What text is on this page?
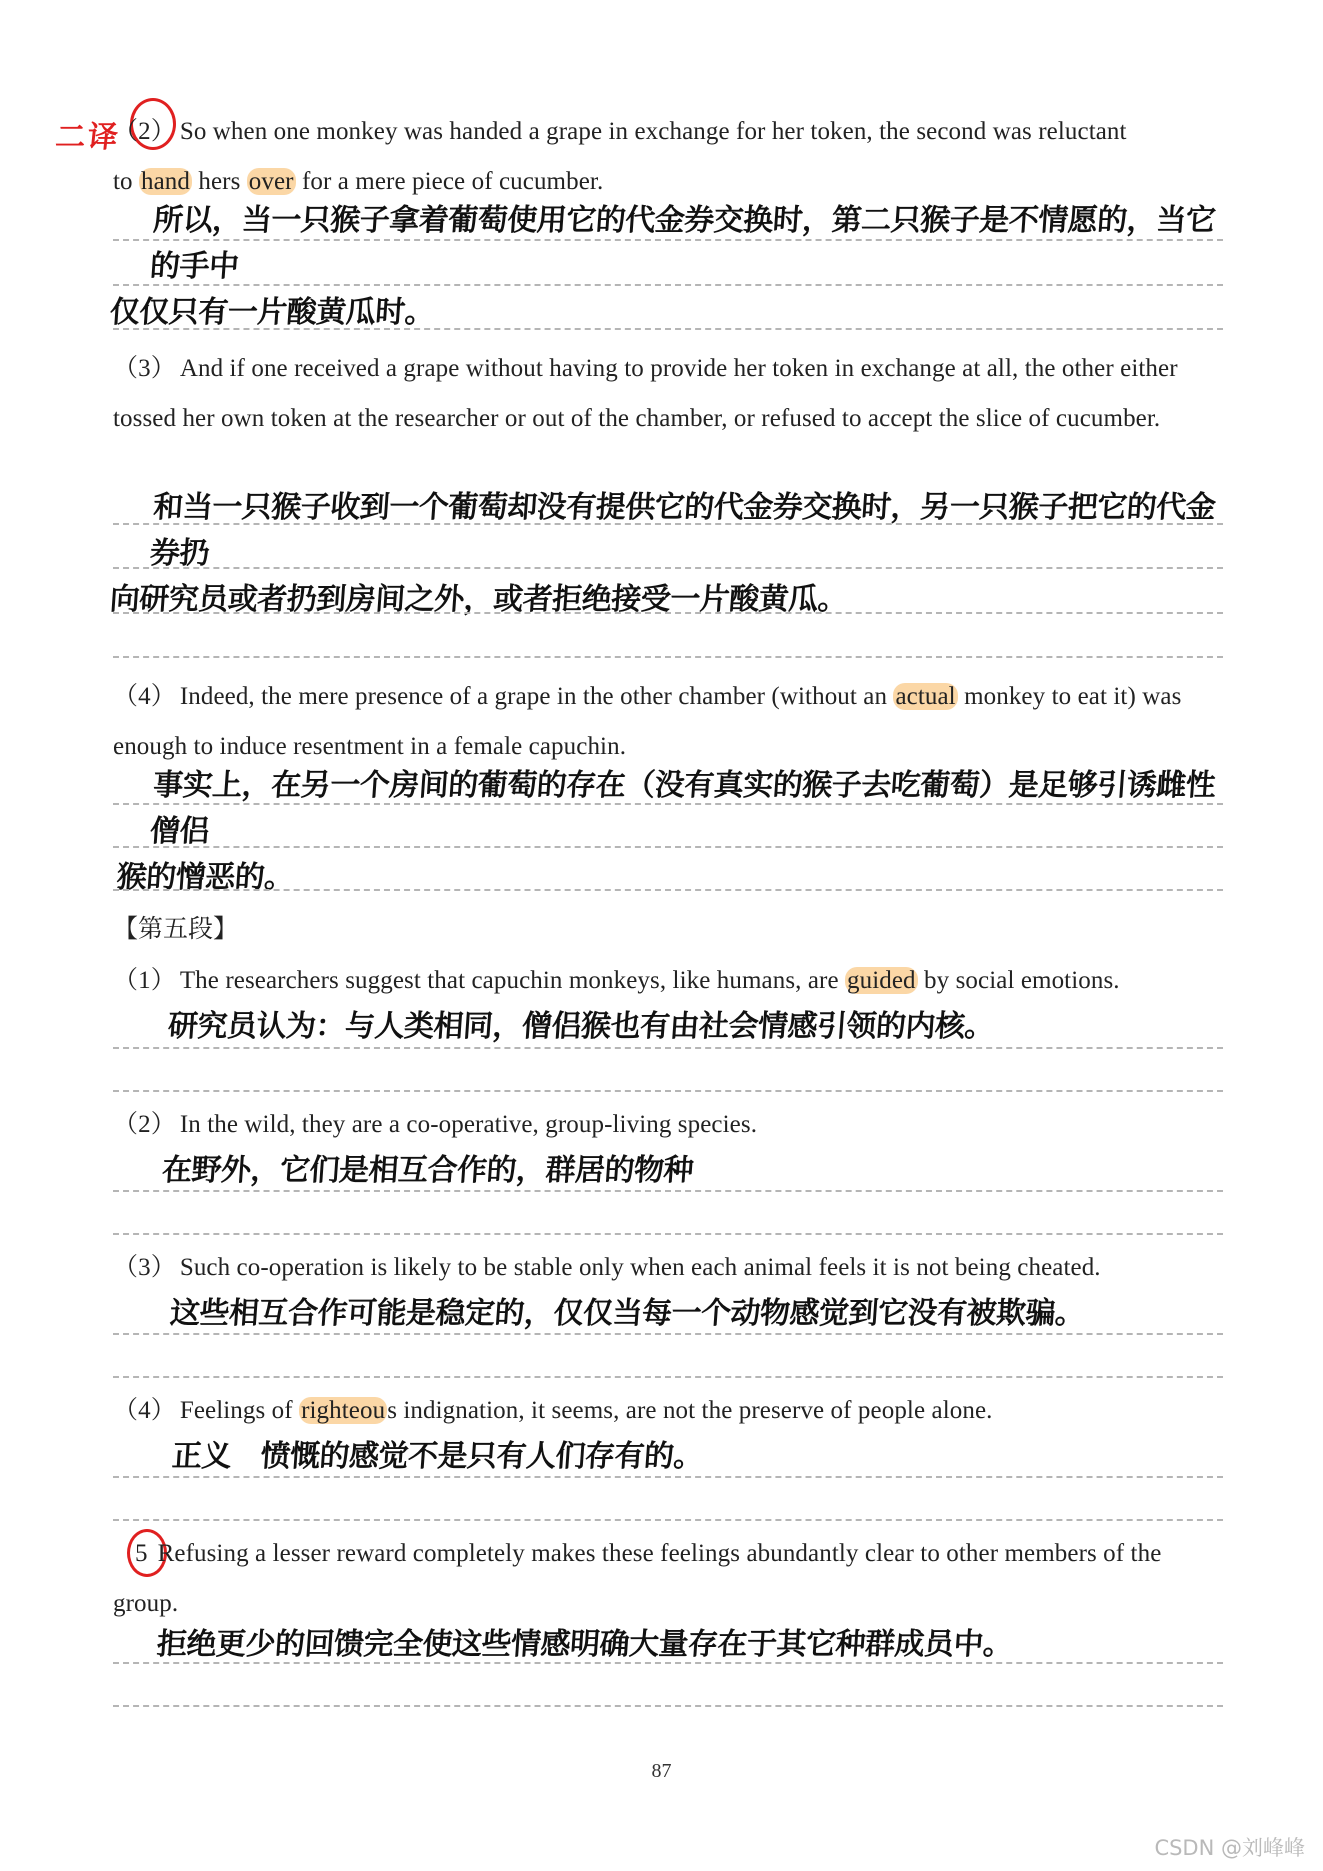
二译
（2） So when one monkey was handed a grape in exchange for her token, the second was reluctant
to hand hers over for a mere piece of cucumber.
所以，当一只猴子拿着葡萄使用它的代金券交换时，第二只猴子是不情愿的，当它的手中
仅仅只有一片酸黄瓜时。
（3） And if one received a grape without having to provide her token in exchange at all, the other either tossed her own token at the researcher or out of the chamber, or refused to accept the slice of cucumber.
和当一只猴子收到一个葡萄却没有提供它的代金券交换时，另一只猴子把它的代金券扔
向研究员或者扔到房间之外，或者拒绝接受一片酸黄瓜。
（4） Indeed, the mere presence of a grape in the other chamber (without an actual monkey to eat it) was enough to induce resentment in a female capuchin.
事实上，在另一个房间的葡萄的存在（没有真实的猴子去吃葡萄）是足够引诱雌性僧侣
猴的憎恶的。
【第五段】
（1） The researchers suggest that capuchin monkeys, like humans, are guided by social emotions.
研究员认为：与人类相同，僧侣猴也有由社会情感引领的内核。
（2） In the wild, they are a co-operative, group-living species.
在野外，它们是相互合作的，群居的物种
（3） Such co-operation is likely to be stable only when each animal feels it is not being cheated.
这些相互合作可能是稳定的，仅仅当每一个动物感觉到它没有被欺骗。
（4） Feelings of righteous indignation, it seems, are not the preserve of people alone.
正义　愤慨的感觉不是只有人们存有的。
5 Refusing a lesser reward completely makes these feelings abundantly clear to other members of the group.
拒绝更少的回馈完全使这些情感明确大量存在于其它种群成员中。
87
CSDN @刘峰峰
